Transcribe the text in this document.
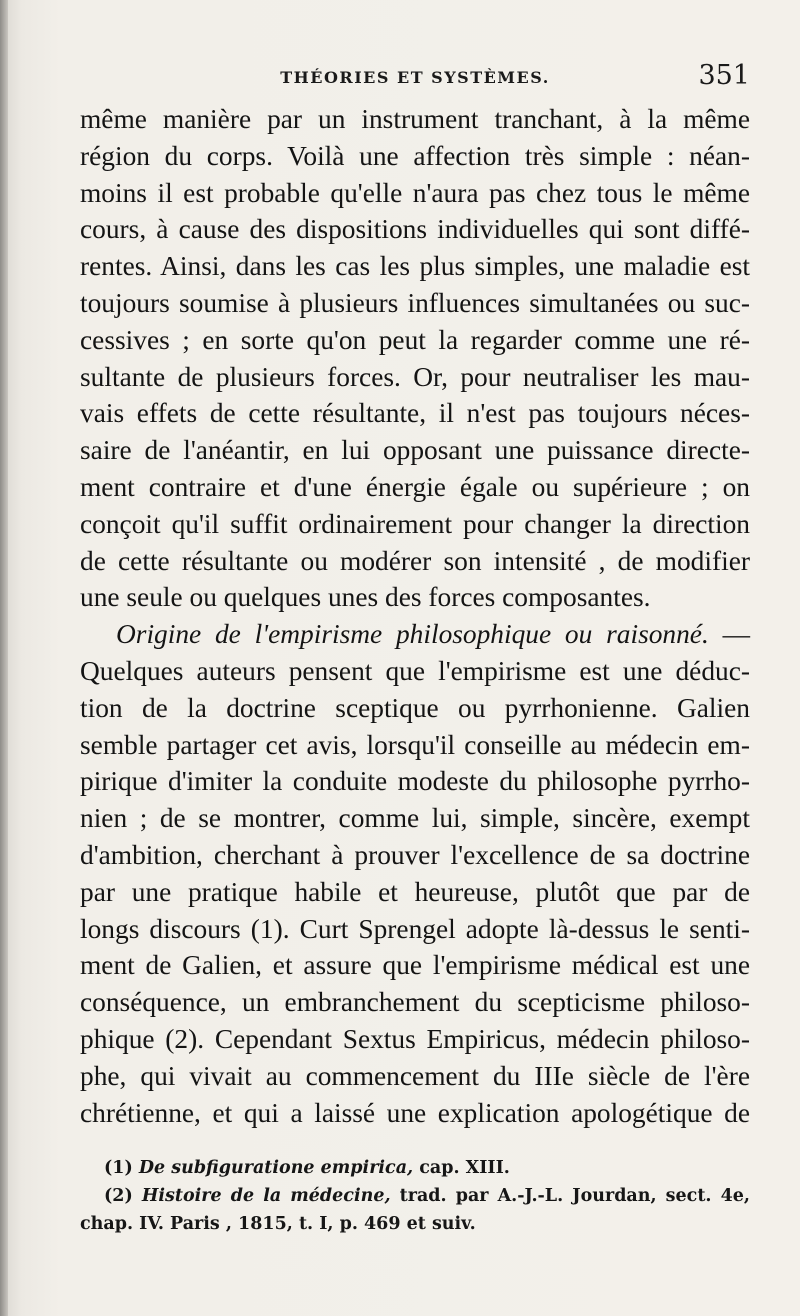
THÉORIES ET SYSTÈMES.	351
même manière par un instrument tranchant, à la même
région du corps. Voilà une affection très simple : néan-
moins il est probable qu'elle n'aura pas chez tous le même
cours, à cause des dispositions individuelles qui sont diffé-
rentes. Ainsi, dans les cas les plus simples, une maladie est
toujours soumise à plusieurs influences simultanées ou suc-
cessives ; en sorte qu'on peut la regarder comme une ré-
sultante de plusieurs forces. Or, pour neutraliser les mau-
vais effets de cette résultante, il n'est pas toujours néces-
saire de l'anéantir, en lui opposant une puissance directe-
ment contraire et d'une énergie égale ou supérieure ; on
conçoit qu'il suffit ordinairement pour changer la direction
de cette résultante ou modérer son intensité , de modifier
une seule ou quelques unes des forces composantes.
Origine de l'empirisme philosophique ou raisonné. —
Quelques auteurs pensent que l'empirisme est une déduc-
tion de la doctrine sceptique ou pyrrhonienne. Galien
semble partager cet avis, lorsqu'il conseille au médecin em-
pirique d'imiter la conduite modeste du philosophe pyrrho-
nien ; de se montrer, comme lui, simple, sincère, exempt
d'ambition, cherchant à prouver l'excellence de sa doctrine
par une pratique habile et heureuse, plutôt que par de
longs discours (1). Curt Sprengel adopte là-dessus le senti-
ment de Galien, et assure que l'empirisme médical est une
conséquence, un embranchement du scepticisme philoso-
phique (2). Cependant Sextus Empiricus, médecin philoso-
phe, qui vivait au commencement du IIIe siècle de l'ère
chrétienne, et qui a laissé une explication apologétique de
(1) De subfiguratione empirica, cap. XIII.
(2) Histoire de la médecine, trad. par A.-J.-L. Jourdan, sect. 4e,
chap. IV. Paris , 1815, t. I, p. 469 et suiv.
